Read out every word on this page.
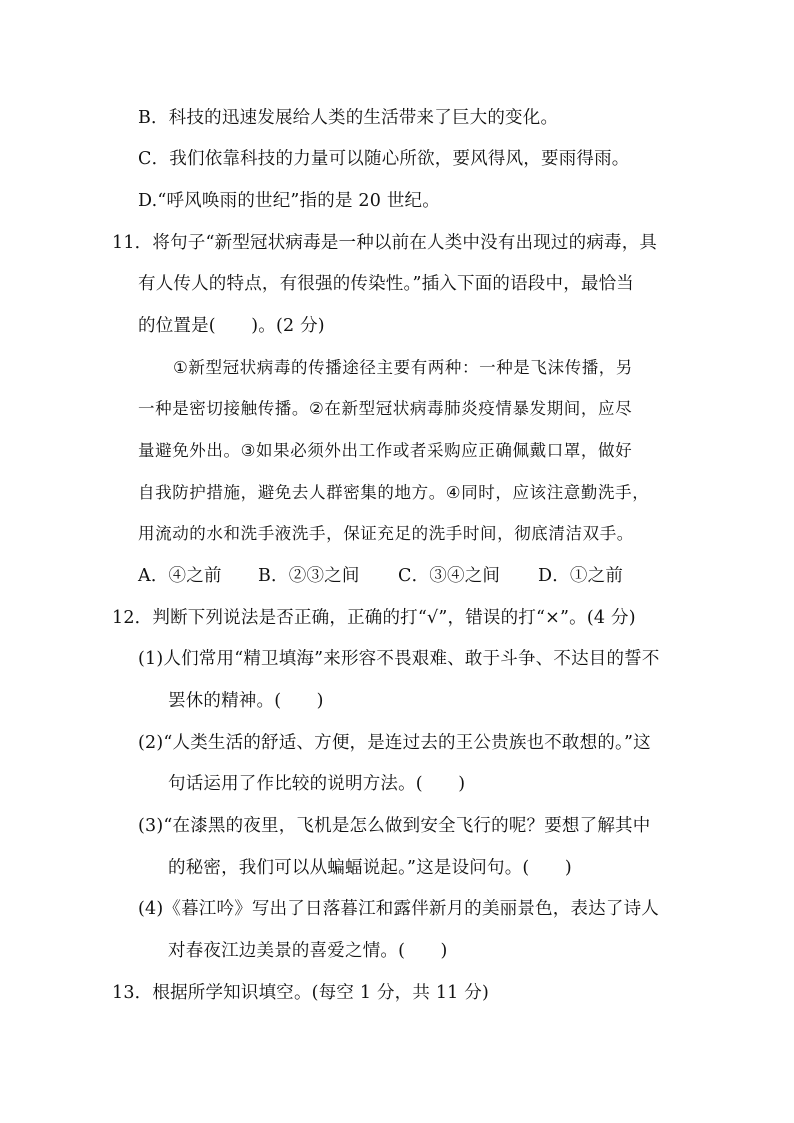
B．科技的迅速发展给人类的生活带来了巨大的变化。
C．我们依靠科技的力量可以随心所欲，要风得风，要雨得雨。
D.“呼风唤雨的世纪”指的是 20 世纪。
11．将句子“新型冠状病毒是一种以前在人类中没有出现过的病毒，具
有人传人的特点，有很强的传染性。”插入下面的语段中，最恰当
的位置是(　　)。(2 分)
①新型冠状病毒的传播途径主要有两种：一种是飞沫传播，另
一种是密切接触传播。②在新型冠状病毒肺炎疫情暴发期间，应尽
量避免外出。③如果必须外出工作或者采购应正确佩戴口罩，做好
自我防护措施，避免去人群密集的地方。④同时，应该注意勤洗手，
用流动的水和洗手液洗手，保证充足的洗手时间，彻底清洁双手。
A．④之前 B．②③之间 C．③④之间 D．①之前
12．判断下列说法是否正确，正确的打“√”，错误的打“×”。(4 分)
(1)人们常用“精卫填海”来形容不畏艰难、敢于斗争、不达目的誓不
罢休的精神。(　　)
(2)“人类生活的舒适、方便，是连过去的王公贵族也不敢想的。”这
句话运用了作比较的说明方法。(　　)
(3)“在漆黑的夜里，飞机是怎么做到安全飞行的呢？要想了解其中
的秘密，我们可以从蝙蝠说起。”这是设问句。(　　)
(4)《暮江吟》写出了日落暮江和露伴新月的美丽景色，表达了诗人
对春夜江边美景的喜爱之情。(　　)
13．根据所学知识填空。(每空 1 分，共 11 分)
